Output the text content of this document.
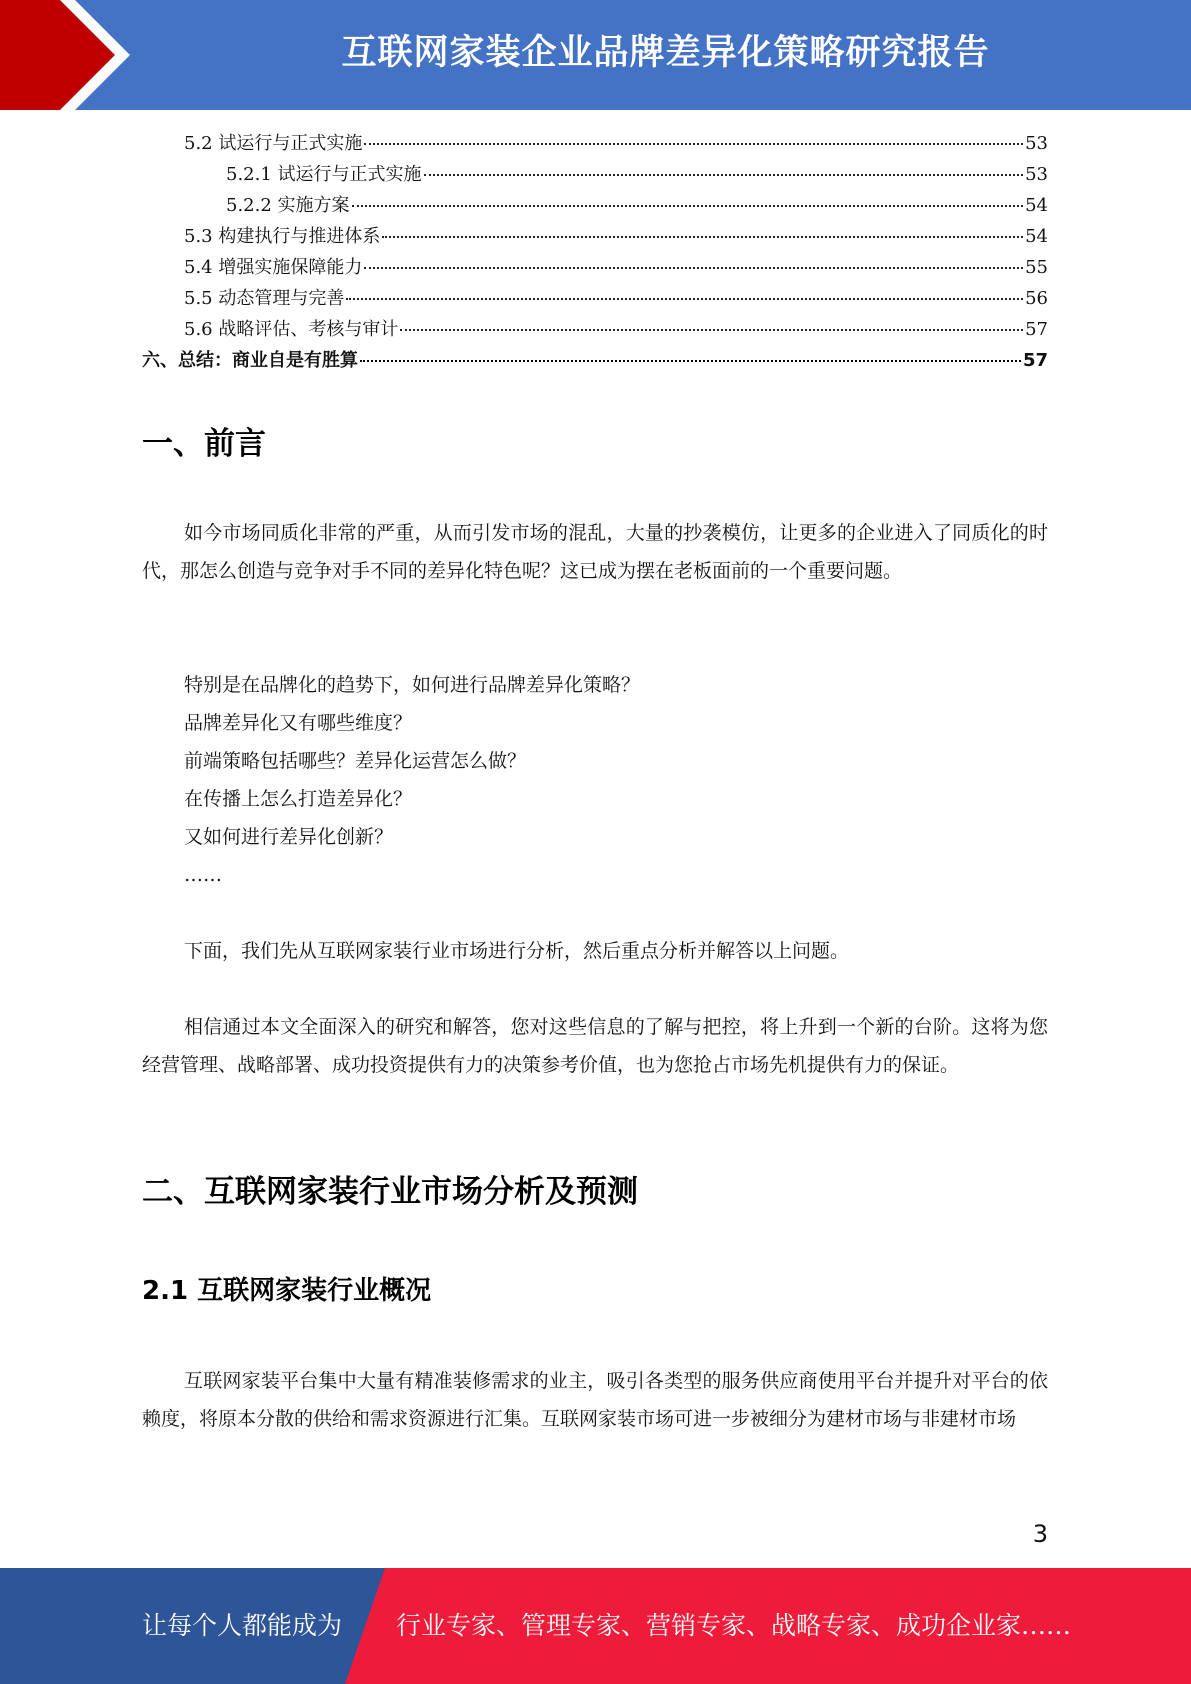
互联网家装企业品牌差异化策略研究报告
5.2 试运行与正式实施	53
5.2.1 试运行与正式实施	53
5.2.2 实施方案	54
5.3 构建执行与推进体系	54
5.4 增强实施保障能力	55
5.5 动态管理与完善	56
5.6 战略评估、考核与审计	57
六、总结：商业自是有胜算	57
一、前言
如今市场同质化非常的严重，从而引发市场的混乱，大量的抄袭模仿，让更多的企业进入了同质化的时代，那怎么创造与竞争对手不同的差异化特色呢？这已成为摆在老板面前的一个重要问题。
特别是在品牌化的趋势下，如何进行品牌差异化策略？
品牌差异化又有哪些维度？
前端策略包括哪些？差异化运营怎么做？
在传播上怎么打造差异化？
又如何进行差异化创新？
……
下面，我们先从互联网家装行业市场进行分析，然后重点分析并解答以上问题。
相信通过本文全面深入的研究和解答，您对这些信息的了解与把控，将上升到一个新的台阶。这将为您经营管理、战略部署、成功投资提供有力的决策参考价值，也为您抢占市场先机提供有力的保证。
二、互联网家装行业市场分析及预测
2.1 互联网家装行业概况
互联网家装平台集中大量有精准装修需求的业主，吸引各类型的服务供应商使用平台并提升对平台的依赖度，将原本分散的供给和需求资源进行汇集。互联网家装市场可进一步被细分为建材市场与非建材市场
3
让每个人都能成为 行业专家、管理专家、营销专家、战略专家、成功企业家……
